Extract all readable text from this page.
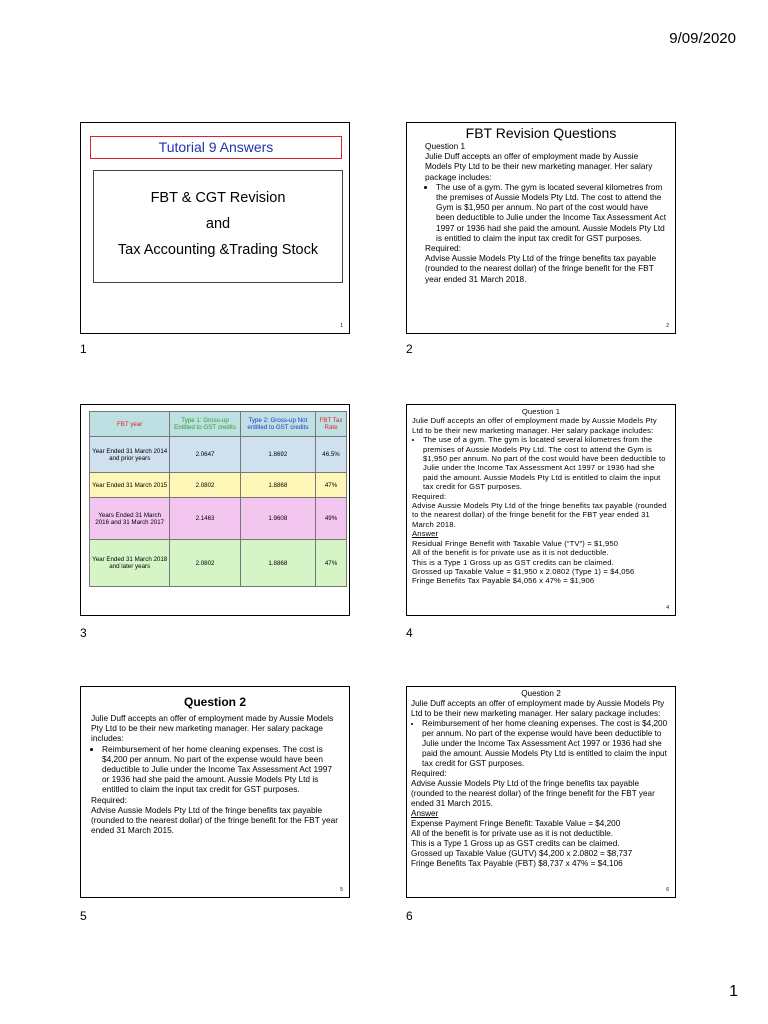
9/09/2020
Tutorial 9 Answers
FBT & CGT Revision
and
Tax Accounting &Trading Stock
1
1
FBT Revision Questions

Question 1

Julie Duff accepts an offer of employment made by Aussie Models Pty Ltd to be their new marketing manager. Her salary package includes:

• The use of a gym. The gym is located several kilometres from the premises of Aussie Models Pty Ltd. The cost to attend the Gym is $1,950 per annum. No part of the cost would have been deductible to Julie under the Income Tax Assessment Act 1997 or 1936 had she paid the amount. Aussie Models Pty Ltd is entitled to claim the input tax credit for GST purposes.

Required:

Advise Aussie Models Pty Ltd of the fringe benefits tax payable (rounded to the nearest dollar) of the fringe benefit for the FBT year ended 31 March 2018.

2
2
FBT year	Type 1: Gross-up Entitled to GST credits	Type 2: Gross-up Not entitled to GST credits	FBT Tax Rate
Year Ended 31 March 2014 and prior years	2.0647	1.8692	46.5%
Year Ended 31 March 2015	2.0802	1.8868	47%
Years Ended 31 March 2016 and 31 March 2017	2.1463	1.9608	49%
Year Ended 31 March 2018 and later years	2.0802	1.8868	47%
3

Question 1

Julie Duff accepts an offer of employment made by Aussie Models Pty Ltd to be their new marketing manager. Her salary package includes:

• The use of a gym. The gym is located several kilometres from the premises of Aussie Models Pty Ltd. The cost to attend the Gym is $1,950 per annum. No part of the cost would have been deductible to Julie under the Income Tax Assessment Act 1997 or 1936 had she paid the amount. Aussie Models Pty Ltd is entitled to claim the input tax credit for GST purposes.

Required:

Advise Aussie Models Pty Ltd of the fringe benefits tax payable (rounded to the nearest dollar) of the fringe benefit for the FBT year ended 31 March 2018.

Answer

Residual Fringe Benefit with Taxable Value (“TV”) = $1,950

All of the benefit is for private use as it is not deductible.

This is a Type 1 Gross up as GST credits can be claimed.

Grossed up Taxable Value = $1,950 x 2.0802 (Type 1) = $4,056

Fringe Benefits Tax Payable $4,056 x 47% = $1,906

4
4
Question 2

Julie Duff accepts an offer of employment made by Aussie Models Pty Ltd to be their new marketing manager. Her salary package includes:

• Reimbursement of her home cleaning expenses. The cost is $4,200 per annum. No part of the expense would have been deductible to Julie under the Income Tax Assessment Act 1997 or 1936 had she paid the amount. Aussie Models Pty Ltd is entitled to claim the input tax credit for GST purposes.

Required:

Advise Aussie Models Pty Ltd of the fringe benefits tax payable (rounded to the nearest dollar) of the fringe benefit for the FBT year ended 31 March 2015.

5
5

Question 2

Julie Duff accepts an offer of employment made by Aussie Models Pty Ltd to be their new marketing manager. Her salary package includes:

• Reimbursement of her home cleaning expenses. The cost is $4,200 per annum. No part of the expense would have been deductible to Julie under the Income Tax Assessment Act 1997 or 1936 had she paid the amount. Aussie Models Pty Ltd is entitled to claim the input tax credit for GST purposes.

Required:

Advise Aussie Models Pty Ltd of the fringe benefits tax payable (rounded to the nearest dollar) of the fringe benefit for the FBT year ended 31 March 2015.

Answer

Expense Payment Fringe Benefit: Taxable Value = $4,200

All of the benefit is for private use as it is not deductible.

This is a Type 1 Gross up as GST credits can be claimed.

Grossed up Taxable Value (GUTV) $4,200 x 2.0802 = $8,737

Fringe Benefits Tax Payable (FBT) $8,737 x 47% = $4,106

6
6
1
